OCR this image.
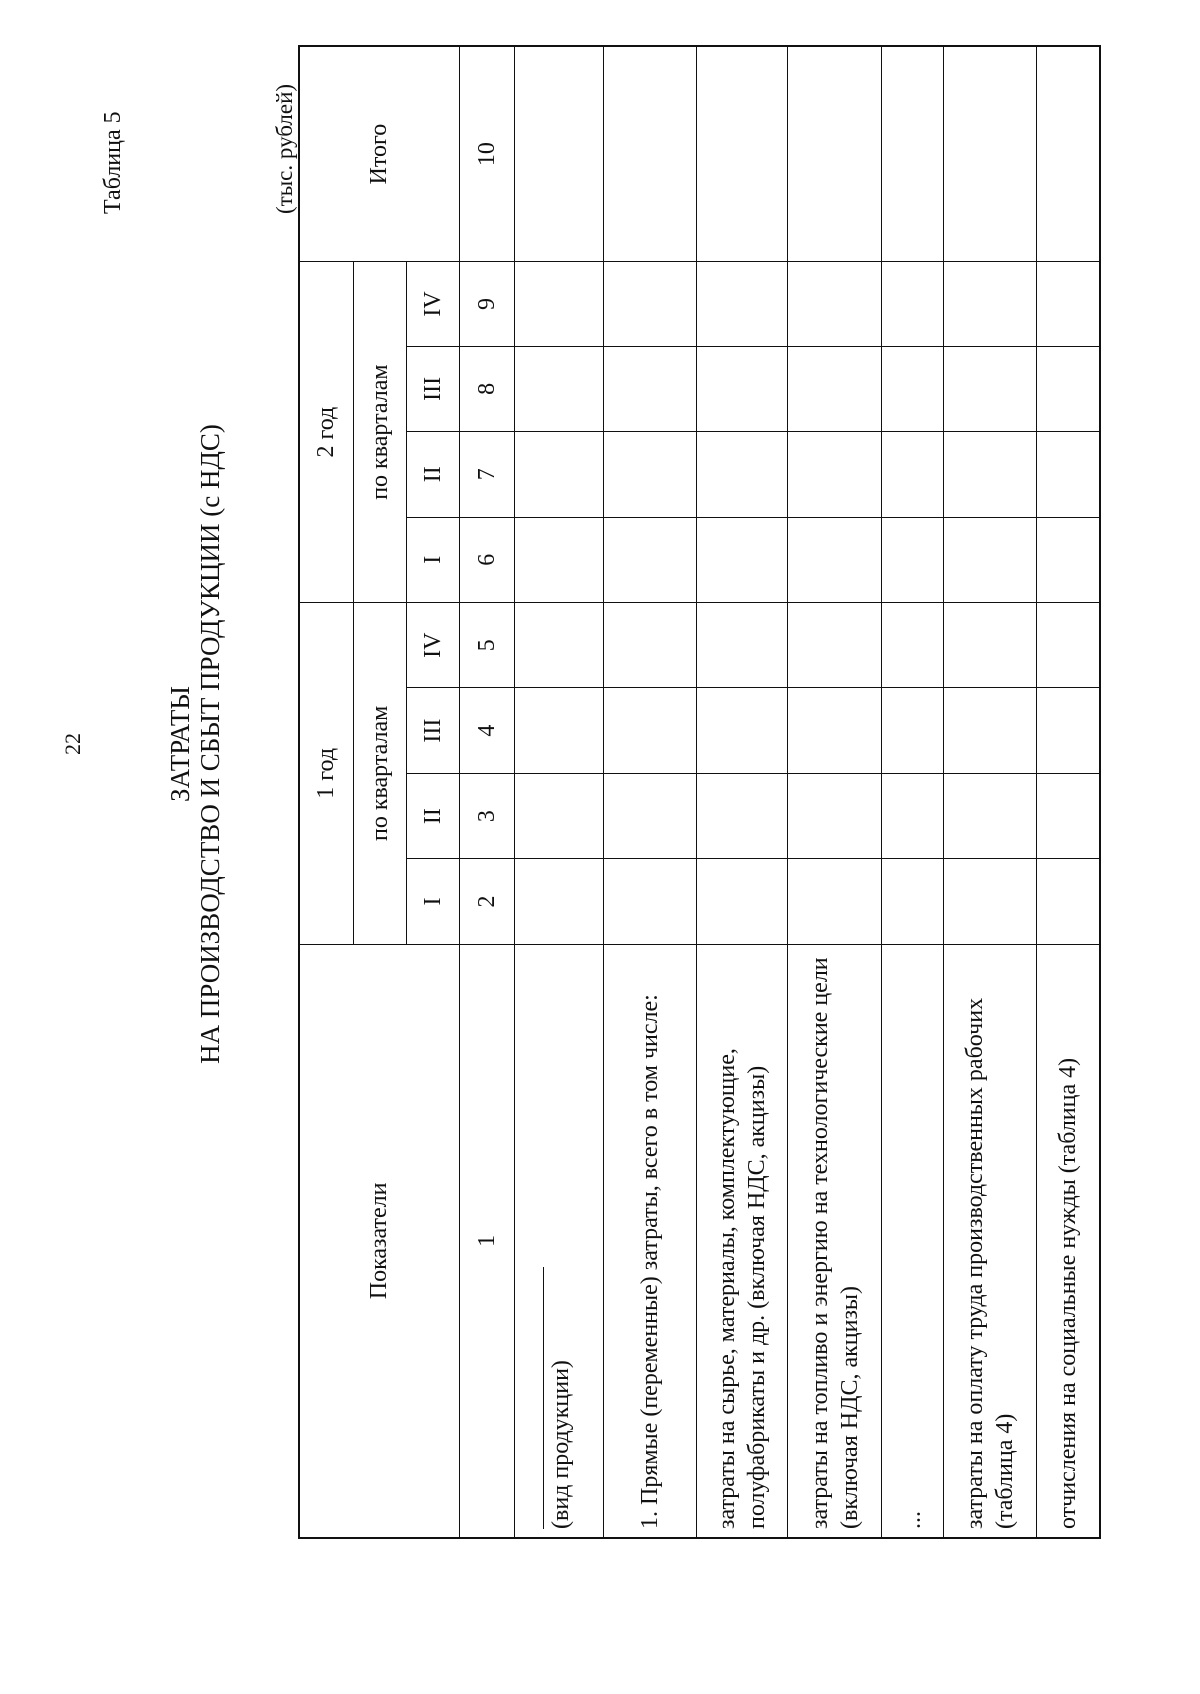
22
Таблица 5
ЗАТРАТЫ НА ПРОИЗВОДСТВО И СБЫТ ПРОДУКЦИИ (с НДС)
(тыс. рублей)
Показатели	1 год				2 год				Итого
	по кварталам				по кварталам				
	I	II	III	IV	I	II	III	IV	
1	2	3	4	5	6	7	8	9	10
(вид продукции)									
1. Прямые (переменные) затраты, всего в том числе:									
затраты на сырье, материалы, комплектующие, полуфабрикаты и др. (включая НДС, акцизы)									
затраты на топливо и энергию на технологические цели (включая НДС, акцизы)									
...									
затраты на оплату труда производственных рабочих (таблица 4)									
отчисления на социальные нужды (таблица 4)									
